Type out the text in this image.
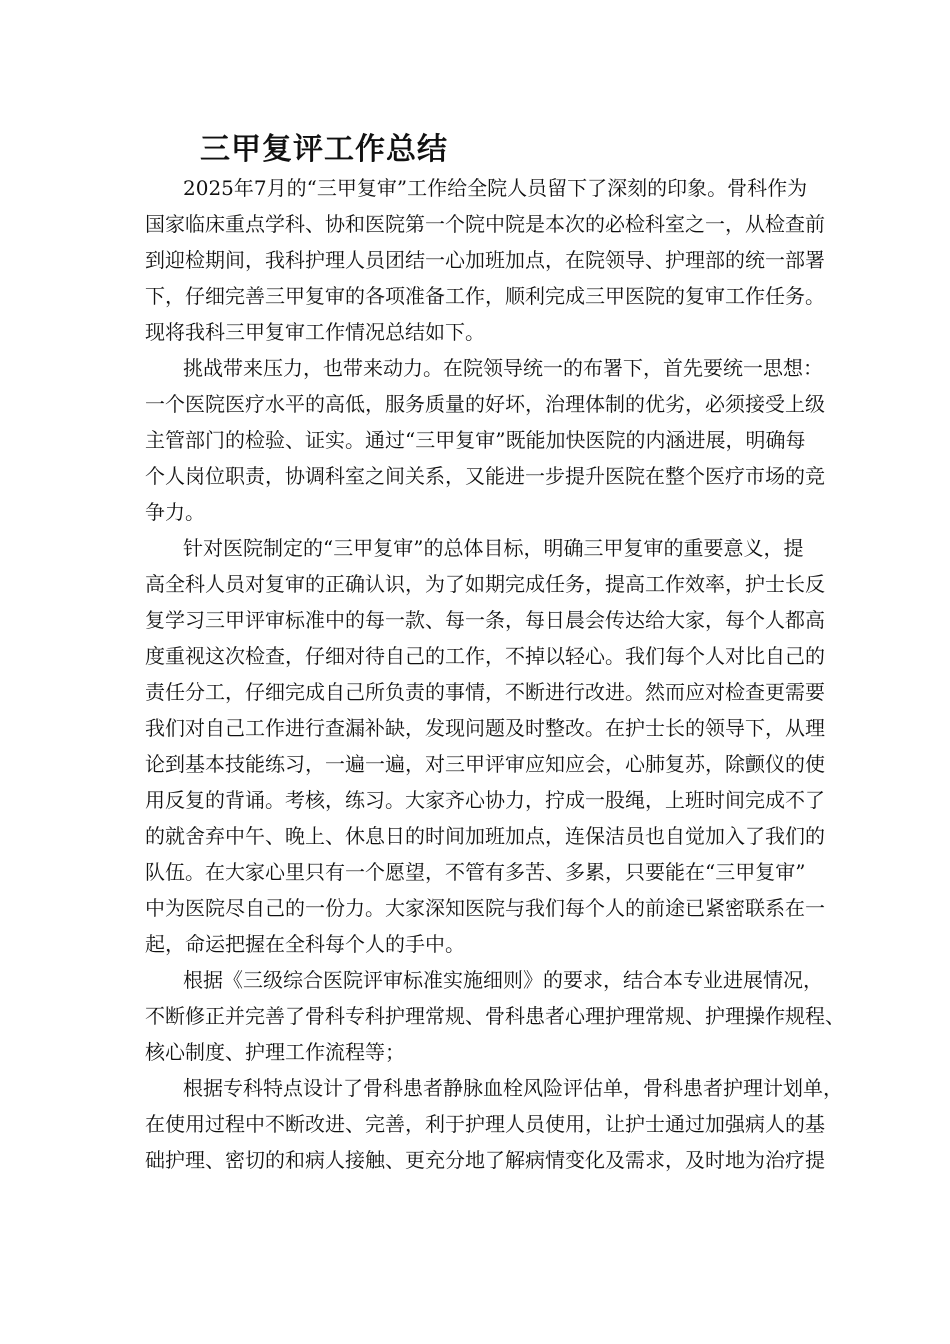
三甲复评工作总结
2025年7月的“三甲复审”工作给全院人员留下了深刻的印象。骨科作为
国家临床重点学科、协和医院第一个院中院是本次的必检科室之一，从检查前
到迎检期间，我科护理人员团结一心加班加点，在院领导、护理部的统一部署
下，仔细完善三甲复审的各项准备工作，顺利完成三甲医院的复审工作任务。
现将我科三甲复审工作情况总结如下。
挑战带来压力，也带来动力。在院领导统一的布署下，首先要统一思想：
一个医院医疗水平的高低，服务质量的好坏，治理体制的优劣，必须接受上级
主管部门的检验、证实。通过“三甲复审”既能加快医院的内涵进展，明确每
个人岗位职责，协调科室之间关系，又能进一步提升医院在整个医疗市场的竞
争力。
针对医院制定的“三甲复审”的总体目标，明确三甲复审的重要意义，提
高全科人员对复审的正确认识，为了如期完成任务，提高工作效率，护士长反
复学习三甲评审标准中的每一款、每一条，每日晨会传达给大家，每个人都高
度重视这次检查，仔细对待自己的工作，不掉以轻心。我们每个人对比自己的
责任分工，仔细完成自己所负责的事情，不断进行改进。然而应对检查更需要
我们对自己工作进行查漏补缺，发现问题及时整改。在护士长的领导下，从理
论到基本技能练习，一遍一遍，对三甲评审应知应会，心肺复苏，除颤仪的使
用反复的背诵。考核，练习。大家齐心协力，拧成一股绳，上班时间完成不了
的就舍弃中午、晚上、休息日的时间加班加点，连保洁员也自觉加入了我们的
队伍。在大家心里只有一个愿望，不管有多苦、多累，只要能在“三甲复审”
中为医院尽自己的一份力。大家深知医院与我们每个人的前途已紧密联系在一
起，命运把握在全科每个人的手中。
根据《三级综合医院评审标准实施细则》的要求，结合本专业进展情况，
不断修正并完善了骨科专科护理常规、骨科患者心理护理常规、护理操作规程、
核心制度、护理工作流程等；
根据专科特点设计了骨科患者静脉血栓风险评估单，骨科患者护理计划单，
在使用过程中不断改进、完善，利于护理人员使用，让护士通过加强病人的基
础护理、密切的和病人接触、更充分地了解病情变化及需求，及时地为治疗提
